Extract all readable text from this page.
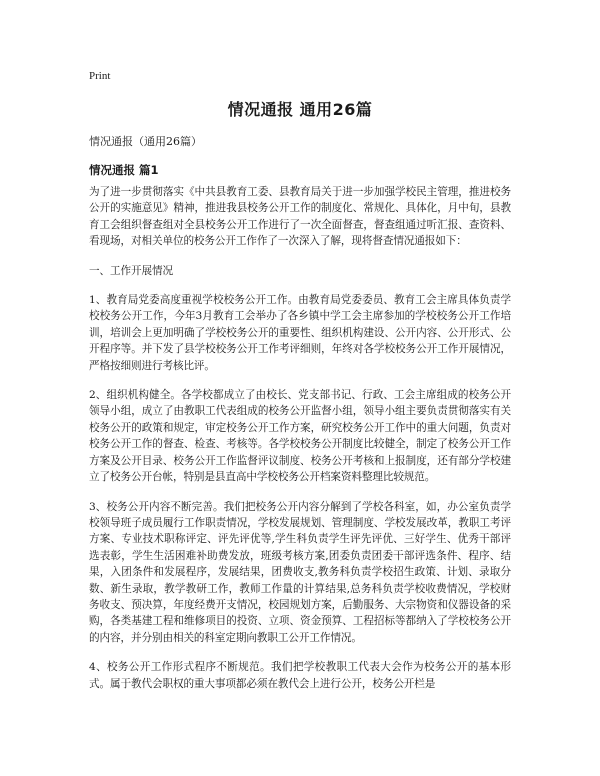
Print
情况通报 通用26篇
情况通报（通用26篇）
情况通报 篇1

为了进一步贯彻落实《中共县教育工委、县教育局关于进一步加强学校民主管理，推进校务公开的实施意见》精神，推进我县校务公开工作的制度化、常规化、具体化，月中旬，县教育工会组织督查组对全县校务公开工作进行了一次全面督查，督查组通过听汇报、查资料、看现场，对相关单位的校务公开工作作了一次深入了解，现将督查情况通报如下：

一、工作开展情况

1、教育局党委高度重视学校校务公开工作。由教育局党委委员、教育工会主席具体负责学校校务公开工作，今年3月教育工会举办了各乡镇中学工会主席参加的学校校务公开工作培训，培训会上更加明确了学校校务公开的重要性、组织机构建设、公开内容、公开形式、公开程序等。并下发了县学校校务公开工作考评细则，年终对各学校校务公开工作开展情况，严格按细则进行考核比评。

2、组织机构健全。各学校都成立了由校长、党支部书记、行政、工会主席组成的校务公开领导小组，成立了由教职工代表组成的校务公开监督小组，领导小组主要负责贯彻落实有关校务公开的政策和规定，审定校务公开工作方案，研究校务公开工作中的重大问题，负责对校务公开工作的督查、检查、考核等。各学校校务公开制度比较健全，制定了校务公开工作方案及公开目录、校务公开工作监督评议制度、校务公开考核和上报制度，还有部分学校建立了校务公开台帐，特别是县直高中学校校务公开档案资料整理比较规范。

3、校务公开内容不断完善。我们把校务公开内容分解到了学校各科室，如，办公室负责学校领导班子成员履行工作职责情况，学校发展规划、管理制度、学校发展改革，教职工考评方案、专业技术职称评定、评先评优等,学生科负责学生评先评优、三好学生、优秀干部评选表彰，学生生活困难补助费发放，班级考核方案,团委负责团委干部评选条件、程序、结果，入团条件和发展程序，发展结果，团费收支,教务科负责学校招生政策、计划、录取分数、新生录取，教学教研工作，教师工作量的计算结果,总务科负责学校收费情况，学校财务收支、预决算，年度经费开支情况，校园规划方案，后勤服务、大宗物资和仪器设备的采购，各类基建工程和维修项目的投资、立项、资金预算、工程招标等都纳入了学校校务公开的内容，并分别由相关的科室定期向教职工公开工作情况。

4、校务公开工作形式程序不断规范。我们把学校教职工代表大会作为校务公开的基本形式。属于教代会职权的重大事项都必须在教代会上进行公开，校务公开栏是
